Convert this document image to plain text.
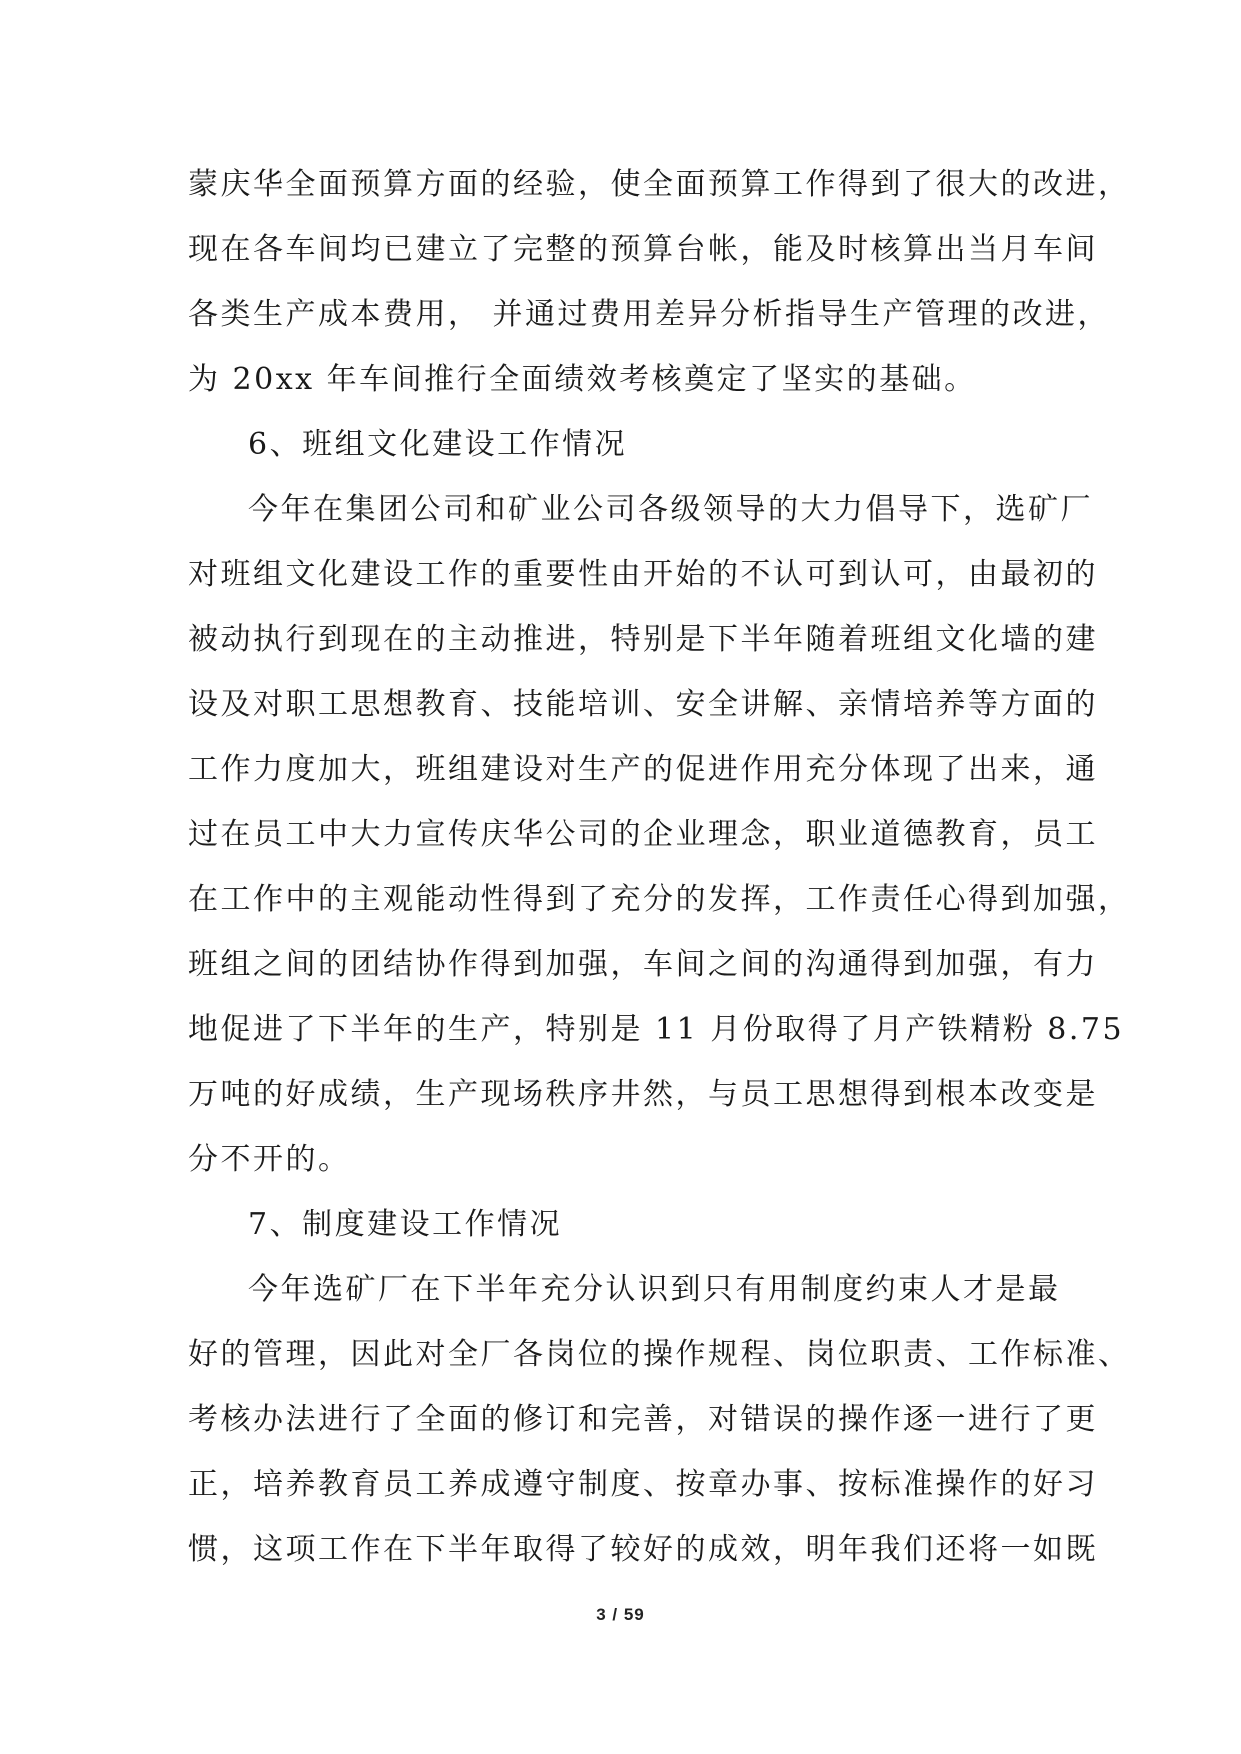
蒙庆华全面预算方面的经验，使全面预算工作得到了很大的改进，
现在各车间均已建立了完整的预算台帐，能及时核算出当月车间
各类生产成本费用， 并通过费用差异分析指导生产管理的改进，
为 20xx 年车间推行全面绩效考核奠定了坚实的基础。
6、班组文化建设工作情况
今年在集团公司和矿业公司各级领导的大力倡导下，选矿厂
对班组文化建设工作的重要性由开始的不认可到认可，由最初的
被动执行到现在的主动推进，特别是下半年随着班组文化墙的建
设及对职工思想教育、技能培训、安全讲解、亲情培养等方面的
工作力度加大，班组建设对生产的促进作用充分体现了出来，通
过在员工中大力宣传庆华公司的企业理念，职业道德教育，员工
在工作中的主观能动性得到了充分的发挥，工作责任心得到加强，
班组之间的团结协作得到加强，车间之间的沟通得到加强，有力
地促进了下半年的生产，特别是 11 月份取得了月产铁精粉 8.75
万吨的好成绩，生产现场秩序井然，与员工思想得到根本改变是
分不开的。
7、制度建设工作情况
今年选矿厂在下半年充分认识到只有用制度约束人才是最
好的管理，因此对全厂各岗位的操作规程、岗位职责、工作标准、
考核办法进行了全面的修订和完善，对错误的操作逐一进行了更
正，培养教育员工养成遵守制度、按章办事、按标准操作的好习
惯，这项工作在下半年取得了较好的成效，明年我们还将一如既
3 / 59
